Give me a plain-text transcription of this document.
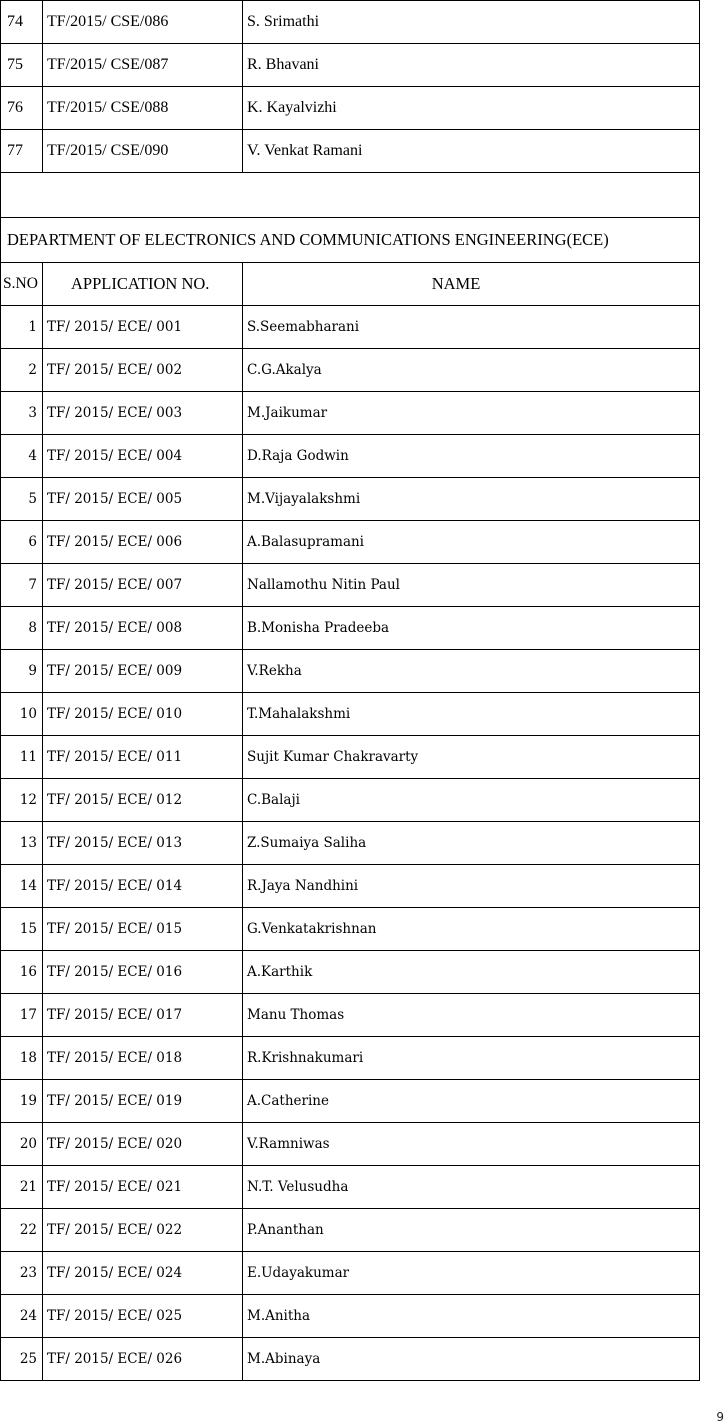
74	TF/2015/ CSE/086	S. Srimathi
75	TF/2015/ CSE/087	R. Bhavani
76	TF/2015/ CSE/088	K. Kayalvizhi
77	TF/2015/ CSE/090	V. Venkat Ramani

DEPARTMENT OF ELECTRONICS AND COMMUNICATIONS ENGINEERING(ECE)		
S.NO	APPLICATION NO.	NAME
1	TF/ 2015/ ECE/ 001	S.Seemabharani
2	TF/ 2015/ ECE/ 002	C.G.Akalya
3	TF/ 2015/ ECE/ 003	M.Jaikumar
4	TF/ 2015/ ECE/ 004	D.Raja Godwin
5	TF/ 2015/ ECE/ 005	M.Vijayalakshmi
6	TF/ 2015/ ECE/ 006	A.Balasupramani
7	TF/ 2015/ ECE/ 007	Nallamothu Nitin Paul
8	TF/ 2015/ ECE/ 008	B.Monisha Pradeeba
9	TF/ 2015/ ECE/ 009	V.Rekha
10	TF/ 2015/ ECE/ 010	T.Mahalakshmi
11	TF/ 2015/ ECE/ 011	Sujit Kumar Chakravarty
12	TF/ 2015/ ECE/ 012	C.Balaji
13	TF/ 2015/ ECE/ 013	Z.Sumaiya Saliha
14	TF/ 2015/ ECE/ 014	R.Jaya Nandhini
15	TF/ 2015/ ECE/ 015	G.Venkatakrishnan
16	TF/ 2015/ ECE/ 016	A.Karthik
17	TF/ 2015/ ECE/ 017	Manu Thomas
18	TF/ 2015/ ECE/ 018	R.Krishnakumari
19	TF/ 2015/ ECE/ 019	A.Catherine
20	TF/ 2015/ ECE/ 020	V.Ramniwas
21	TF/ 2015/ ECE/ 021	N.T. Velusudha
22	TF/ 2015/ ECE/ 022	P.Ananthan
23	TF/ 2015/ ECE/ 024	E.Udayakumar
24	TF/ 2015/ ECE/ 025	M.Anitha
25	TF/ 2015/ ECE/ 026	M.Abinaya
9
